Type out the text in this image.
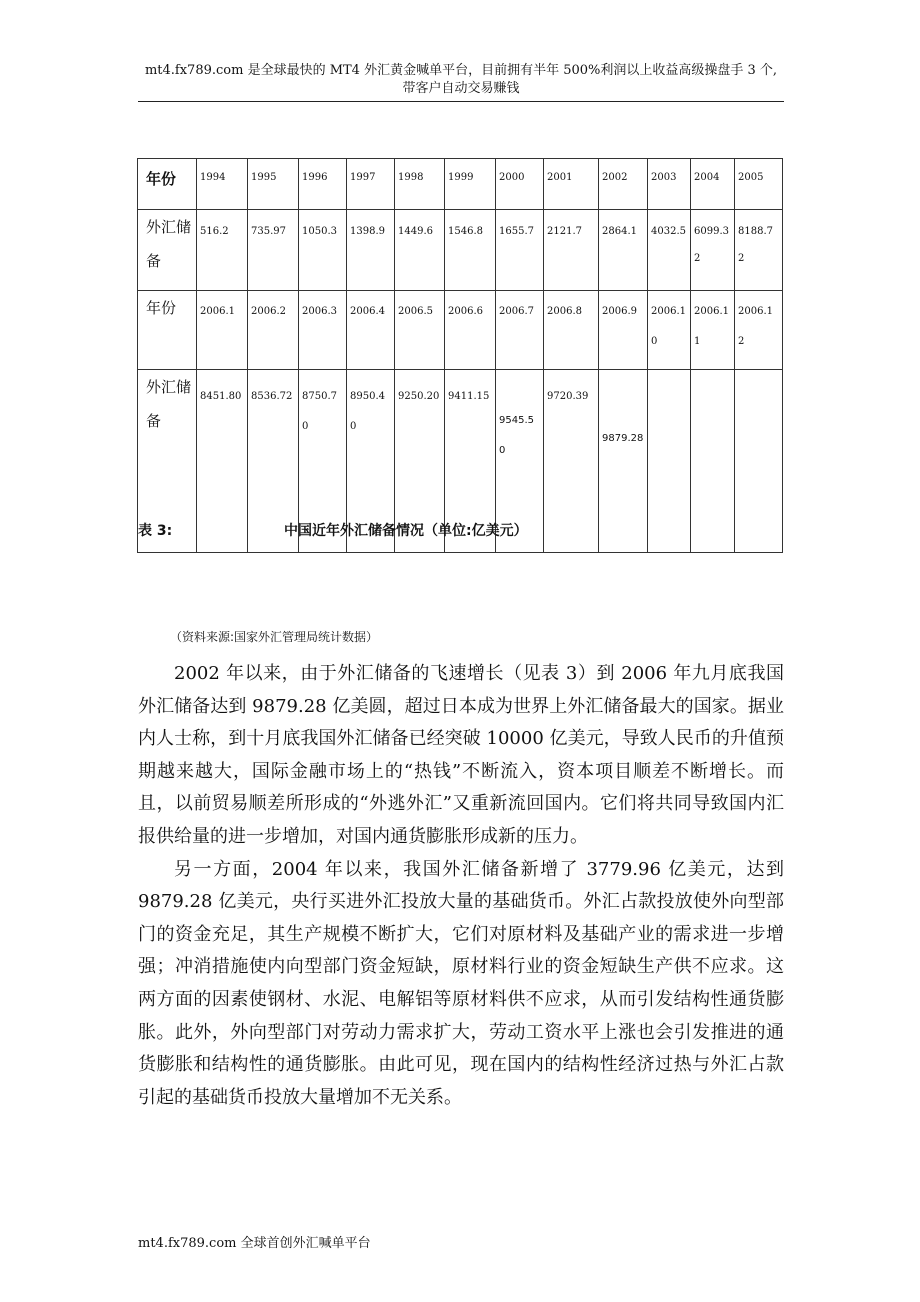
mt4.fx789.com 是全球最快的 MT4 外汇黄金喊单平台，目前拥有半年 500%利润以上收益高级操盘手 3 个,
带客户自动交易赚钱
年份	1994	1995	1996	1997	1998	1999	2000	2001	2002	2003	2004	2005
外汇储备	516.2	735.97	1050.3	1398.9	1449.6	1546.8	1655.7	2121.7	2864.1	4032.5	6099.32	8188.72
年份	2006.1	2006.2	2006.3	2006.4	2006.5	2006.6	2006.7	2006.8	2006.9	2006.10	2006.11	2006.12
外汇储备	8451.80	8536.72	8750.70	8950.40	9250.20	9411.15	9545.50	9720.39	9879.28			
表 3:	中国近年外汇储备情况（单位:亿美元）
（资料来源:国家外汇管理局统计数据）

2002 年以来，由于外汇储备的飞速增长（见表 3）到 2006 年九月底我国外汇储备达到 9879.28 亿美圆，超过日本成为世界上外汇储备最大的国家。据业内人士称，到十月底我国外汇储备已经突破 10000 亿美元，导致人民币的升值预期越来越大，国际金融市场上的“热钱”不断流入，资本项目顺差不断增长。而且，以前贸易顺差所形成的“外逃外汇”又重新流回国内。它们将共同导致国内汇报供给量的进一步增加，对国内通货膨胀形成新的压力。

另一方面，2004 年以来，我国外汇储备新增了 3779.96 亿美元，达到 9879.28 亿美元，央行买进外汇投放大量的基础货币。外汇占款投放使外向型部门的资金充足，其生产规模不断扩大，它们对原材料及基础产业的需求进一步增强；冲消措施使内向型部门资金短缺，原材料行业的资金短缺生产供不应求。这两方面的因素使钢材、水泥、电解铝等原材料供不应求，从而引发结构性通货膨胀。此外，外向型部门对劳动力需求扩大，劳动工资水平上涨也会引发推进的通货膨胀和结构性的通货膨胀。由此可见，现在国内的结构性经济过热与外汇占款引起的基础货币投放大量增加不无关系。

mt4.fx789.com 全球首创外汇喊单平台
